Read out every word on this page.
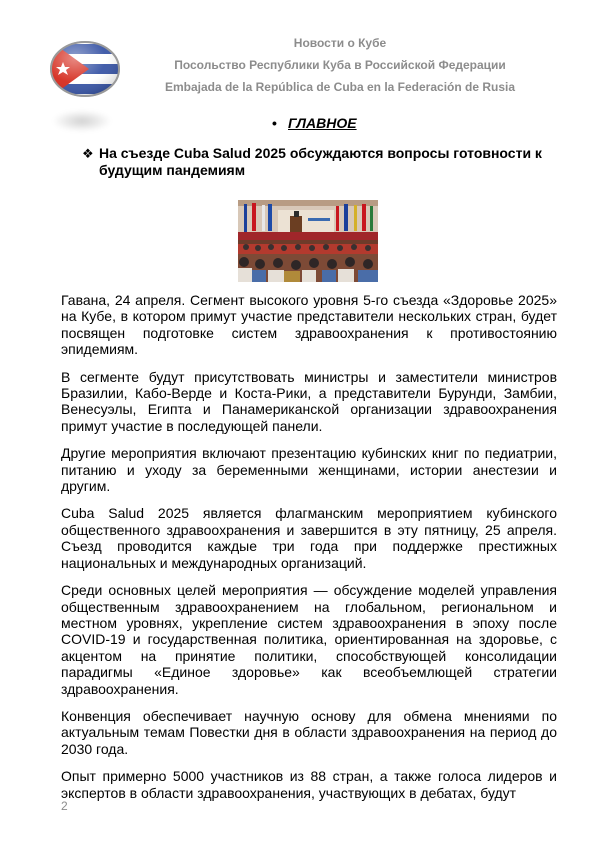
Новости о Кубе
Посольство Республики Куба в Российской Федерации
Embajada de la República de Cuba en la Federación de Rusia
• ГЛАВНОЕ
❖ На съезде Cuba Salud 2025 обсуждаются вопросы готовности к будущим пандемиям

Гавана, 24 апреля. Сегмент высокого уровня 5-го съезда «Здоровье 2025» на Кубе, в котором примут участие представители нескольких стран, будет посвящен подготовке систем здравоохранения к противостоянию эпидемиям.

В сегменте будут присутствовать министры и заместители министров Бразилии, Кабо-Верде и Коста-Рики, а представители Бурунди, Замбии, Венесуэлы, Египта и Панамериканской организации здравоохранения примут участие в последующей панели.

Другие мероприятия включают презентацию кубинских книг по педиатрии, питанию и уходу за беременными женщинами, истории анестезии и другим.

Cuba Salud 2025 является флагманским мероприятием кубинского общественного здравоохранения и завершится в эту пятницу, 25 апреля. Съезд проводится каждые три года при поддержке престижных национальных и международных организаций.

Среди основных целей мероприятия — обсуждение моделей управления общественным здравоохранением на глобальном, региональном и местном уровнях, укрепление систем здравоохранения в эпоху после COVID-19 и государственная политика, ориентированная на здоровье, с акцентом на принятие политики, способствующей консолидации парадигмы «Единое здоровье» как всеобъемлющей стратегии здравоохранения.

Конвенция обеспечивает научную основу для обмена мнениями по актуальным темам Повестки дня в области здравоохранения на период до 2030 года.

Опыт примерно 5000 участников из 88 стран, а также голоса лидеров и экспертов в области здравоохранения, участвующих в дебатах, будут

2
